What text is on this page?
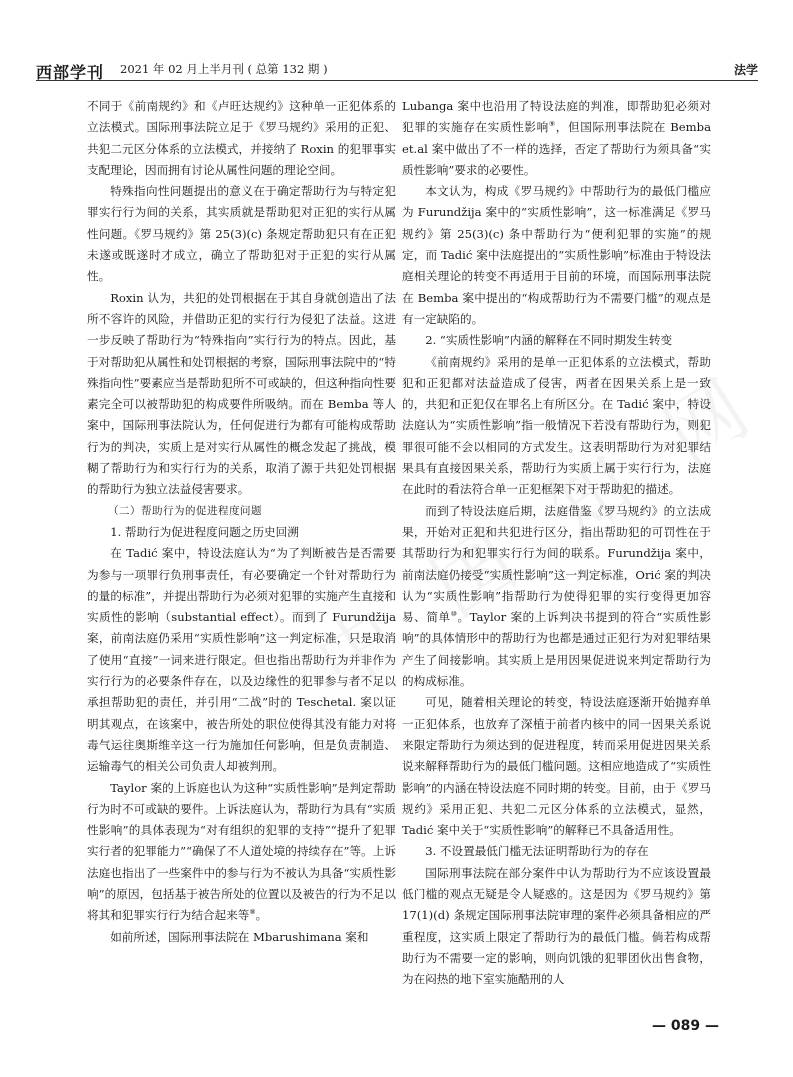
西部学刊 2021 年 02 月上半月刊 ( 总第 132 期 )	法学

不同于《前南规约》和《卢旺达规约》这种单一正犯体系的立法模式。国际刑事法院立足于《罗马规约》采用的正犯、共犯二元区分体系的立法模式，并接纳了 Roxin 的犯罪事实支配理论，因而拥有讨论从属性问题的理论空间。

特殊指向性问题提出的意义在于确定帮助行为与特定犯罪实行行为间的关系，其实质就是帮助犯对正犯的实行从属性问题。《罗马规约》第 25(3)(c) 条规定帮助犯只有在正犯未遂或既遂时才成立，确立了帮助犯对于正犯的实行从属性。

Roxin 认为，共犯的处罚根据在于其自身就创造出了法所不容许的风险，并借助正犯的实行行为侵犯了法益。这进一步反映了帮助行为“特殊指向”实行行为的特点。因此，基于对帮助犯从属性和处罚根据的考察，国际刑事法院中的“特殊指向性”要素应当是帮助犯所不可或缺的，但这种指向性要素完全可以被帮助犯的构成要件所吸纳。而在 Bemba 等人案中，国际刑事法院认为，任何促进行为都有可能构成帮助行为的判决，实质上是对实行从属性的概念发起了挑战，模糊了帮助行为和实行行为的关系，取消了源于共犯处罚根据的帮助行为独立法益侵害要求。

（二）帮助行为的促进程度问题

1. 帮助行为促进程度问题之历史回溯

在 Tadić 案中，特设法庭认为“为了判断被告是否需要为参与一项罪行负刑事责任，有必要确定一个针对帮助行为的量的标准”，并提出帮助行为必须对犯罪的实施产生直接和实质性的影响（substantial effect）。而到了 Furundžija 案，前南法庭仍采用“实质性影响”这一判定标准，只是取消了使用“直接”一词来进行限定。但也指出帮助行为并非作为实行行为的必要条件存在，以及边缘性的犯罪参与者不足以承担帮助犯的责任，并引用“二战”时的 Teschetal. 案以证明其观点，在该案中，被告所处的职位使得其没有能力对将毒气运往奥斯维辛这一行为施加任何影响，但是负责制造、运输毒气的相关公司负责人却被判刑。

Taylor 案的上诉庭也认为这种“实质性影响”是判定帮助行为时不可或缺的要件。上诉法庭认为，帮助行为具有“实质性影响”的具体表现为“对有组织的犯罪的支持”“提升了犯罪实行者的犯罪能力”“确保了不人道处境的持续存在”等。上诉法庭也指出了一些案件中的参与行为不被认为具备“实质性影响”的原因，包括基于被告所处的位置以及被告的行为不足以将其和犯罪实行行为结合起来等⑧。

如前所述，国际刑事法院在 Mbarushimana 案和

Lubanga 案中也沿用了特设法庭的判准，即帮助犯必须对犯罪的实施存在实质性影响⑨，但国际刑事法院在 Bemba et.al 案中做出了不一样的选择，否定了帮助行为须具备“实质性影响”要求的必要性。

本文认为，构成《罗马规约》中帮助行为的最低门槛应为 Furundžija 案中的“实质性影响”，这一标准满足《罗马规约》第 25(3)(c) 条中帮助行为“便利犯罪的实施”的规定，而 Tadić 案中法庭提出的“实质性影响”标准由于特设法庭相关理论的转变不再适用于目前的环境，而国际刑事法院在 Bemba 案中提出的“构成帮助行为不需要门槛”的观点是有一定缺陷的。

2. “实质性影响”内涵的解释在不同时期发生转变

《前南规约》采用的是单一正犯体系的立法模式，帮助犯和正犯都对法益造成了侵害，两者在因果关系上是一致的，共犯和正犯仅在罪名上有所区分。在 Tadić 案中，特设法庭认为“实质性影响”指一般情况下若没有帮助行为，则犯罪很可能不会以相同的方式发生。这表明帮助行为对犯罪结果具有直接因果关系，帮助行为实质上属于实行行为，法庭在此时的看法符合单一正犯框架下对于帮助犯的描述。

而到了特设法庭后期，法庭借鉴《罗马规约》的立法成果，开始对正犯和共犯进行区分，指出帮助犯的可罚性在于其帮助行为和犯罪实行行为间的联系。Furundžija 案中，前南法庭仍接受“实质性影响”这一判定标准，Orić 案的判决认为“实质性影响”指帮助行为使得犯罪的实行变得更加容易、简单⑩。Taylor 案的上诉判决书提到的符合“实质性影响”的具体情形中的帮助行为也都是通过正犯行为对犯罪结果产生了间接影响。其实质上是用因果促进说来判定帮助行为的构成标准。

可见，随着相关理论的转变，特设法庭逐渐开始抛弃单一正犯体系，也放弃了深植于前者内核中的同一因果关系说来限定帮助行为须达到的促进程度，转而采用促进因果关系说来解释帮助行为的最低门槛问题。这相应地造成了“实质性影响”的内涵在特设法庭不同时期的转变。目前，由于《罗马规约》采用正犯、共犯二元区分体系的立法模式，显然，Tadić 案中关于“实质性影响”的解释已不具备适用性。

3. 不设置最低门槛无法证明帮助行为的存在

国际刑事法院在部分案件中认为帮助行为不应该设置最低门槛的观点无疑是令人疑惑的。这是因为《罗马规约》第 17(1)(d) 条规定国际刑事法院审理的案件必须具备相应的严重程度，这实质上限定了帮助行为的最低门槛。倘若构成帮助行为不需要一定的影响，则向饥饿的犯罪团伙出售食物，为在闷热的地下室实施酷刑的人

— 089 —
